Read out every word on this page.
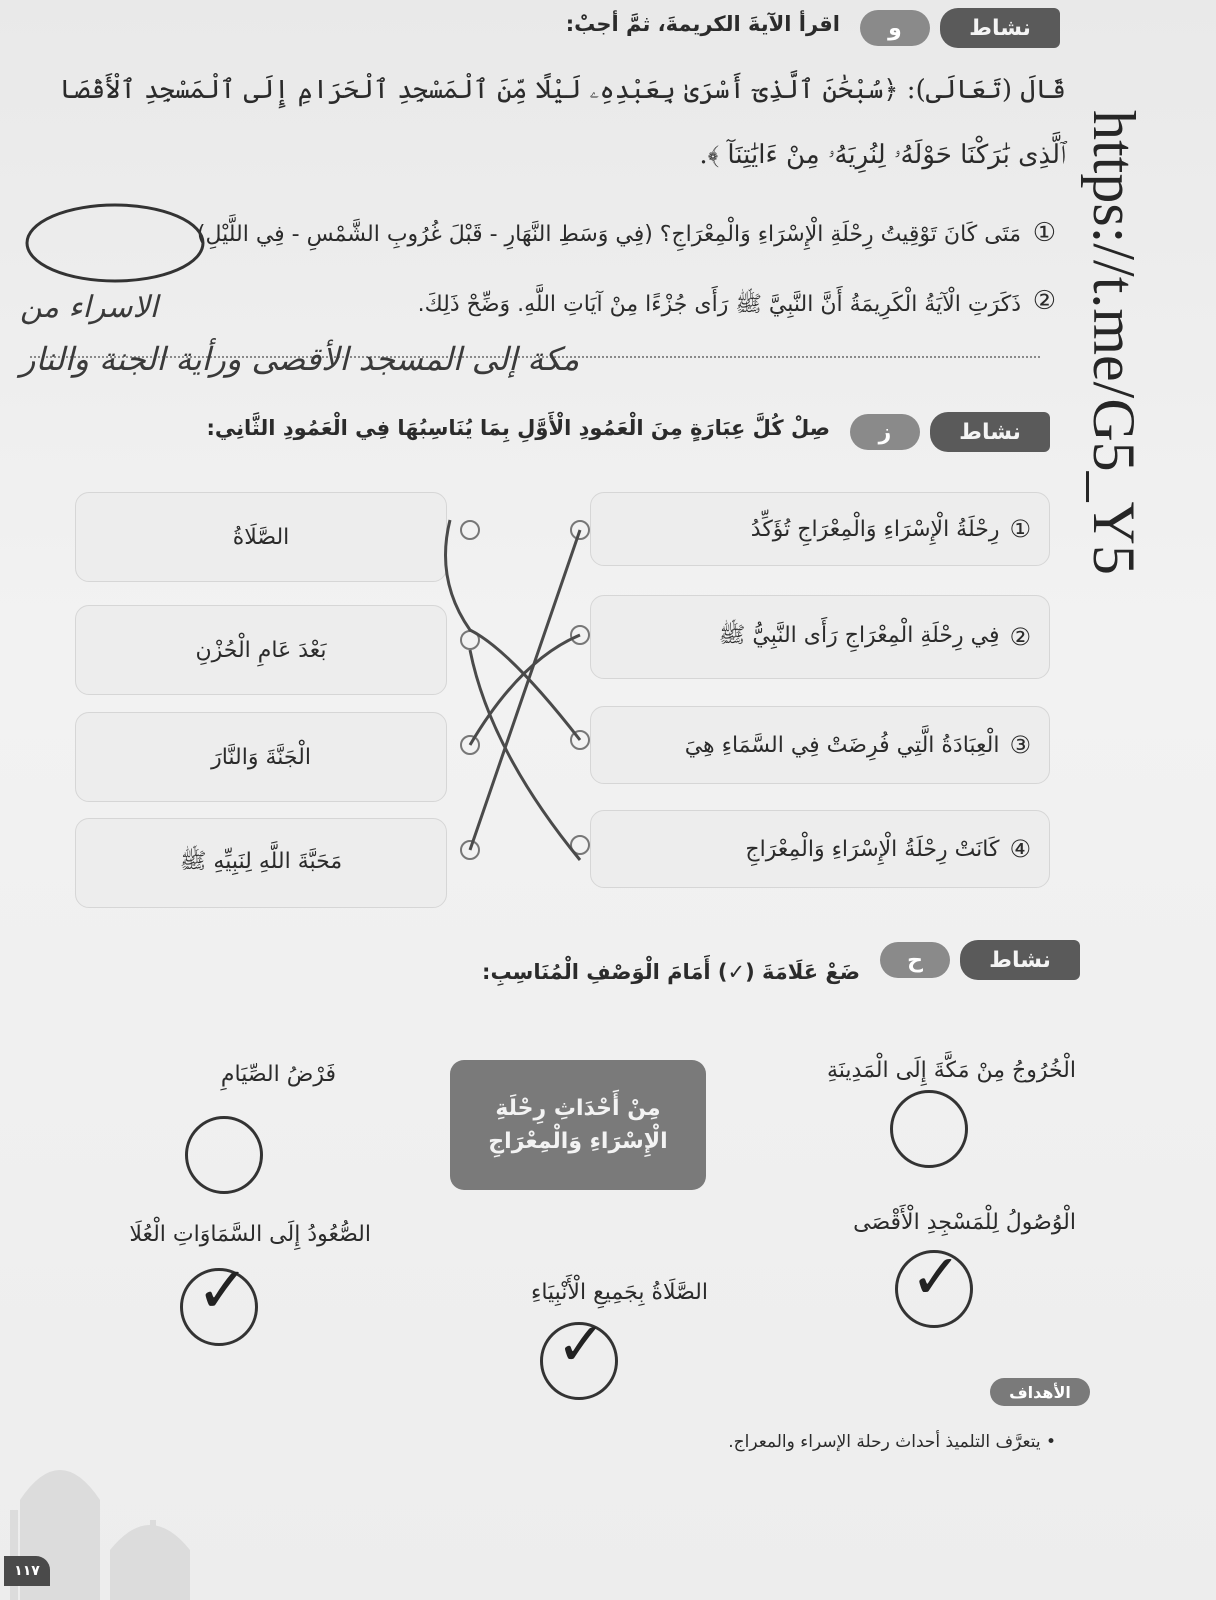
نشاط
و
اقرأ الآيةَ الكريمةَ، ثمَّ أجبْ:
قَالَ (تَعَالَى): ﴿سُبْحَٰنَ ٱلَّذِىٓ أَسْرَىٰ بِعَبْدِهِۦ لَيْلًا مِّنَ ٱلْمَسْجِدِ ٱلْحَرَامِ إِلَى ٱلْمَسْجِدِ ٱلْأَقْصَا
ٱلَّذِى بَٰرَكْنَا حَوْلَهُۥ لِنُرِيَهُۥ مِنْ ءَايَٰتِنَآ ﴾.
①
مَتَى كَانَ تَوْقِيتُ رِحْلَةِ الْإِسْرَاءِ وَالْمِعْرَاجِ؟ (فِي وَسَطِ النَّهَارِ - قَبْلَ غُرُوبِ الشَّمْسِ - فِي اللَّيْلِ)
②
ذَكَرَتِ الْآيَةُ الْكَرِيمَةُ أَنَّ النَّبِيَّ ﷺ رَأَى جُزْءًا مِنْ آيَاتِ اللَّهِ. وَضِّحْ ذَلِكَ.
الاسراء من
مكة إلى المسجد الأقصى ورأية الجنة والنار	https://t.me/G5_Y5
نشاط
ز
صِلْ كُلَّ عِبَارَةٍ مِنَ الْعَمُودِ الْأَوَّلِ بِمَا يُنَاسِبُهَا فِي الْعَمُودِ الثَّانِي:
①
رِحْلَةُ الْإِسْرَاءِ وَالْمِعْرَاجِ تُؤَكِّدُ
②
فِي رِحْلَةِ الْمِعْرَاجِ رَأَى النَّبِيُّ ﷺ
③
الْعِبَادَةُ الَّتِي فُرِضَتْ فِي السَّمَاءِ هِيَ
④
كَانَتْ رِحْلَةُ الْإِسْرَاءِ وَالْمِعْرَاجِ
الصَّلَاةُ
بَعْدَ عَامِ الْحُزْنِ
الْجَنَّةَ وَالنَّارَ
مَحَبَّةَ اللَّهِ لِنَبِيِّهِ ﷺ
نشاط
ح
ضَعْ عَلَامَةَ (✓) أَمَامَ الْوَصْفِ الْمُنَاسِبِ:
مِنْ أَحْدَاثِ رِحْلَةِ
الْإِسْرَاءِ وَالْمِعْرَاجِ
الْخُرُوجُ مِنْ مَكَّةَ إِلَى الْمَدِينَةِ
فَرْضُ الصِّيَامِ
الْوُصُولُ لِلْمَسْجِدِ الْأَقْصَى
✓
الصُّعُودُ إِلَى السَّمَاوَاتِ الْعُلَا
✓	الصَّلَاةُ بِجَمِيعِ الْأَنْبِيَاءِ
✓
الأهداف
• يتعرَّف التلميذ أحداث رحلة الإسراء والمعراج.
١١٧
